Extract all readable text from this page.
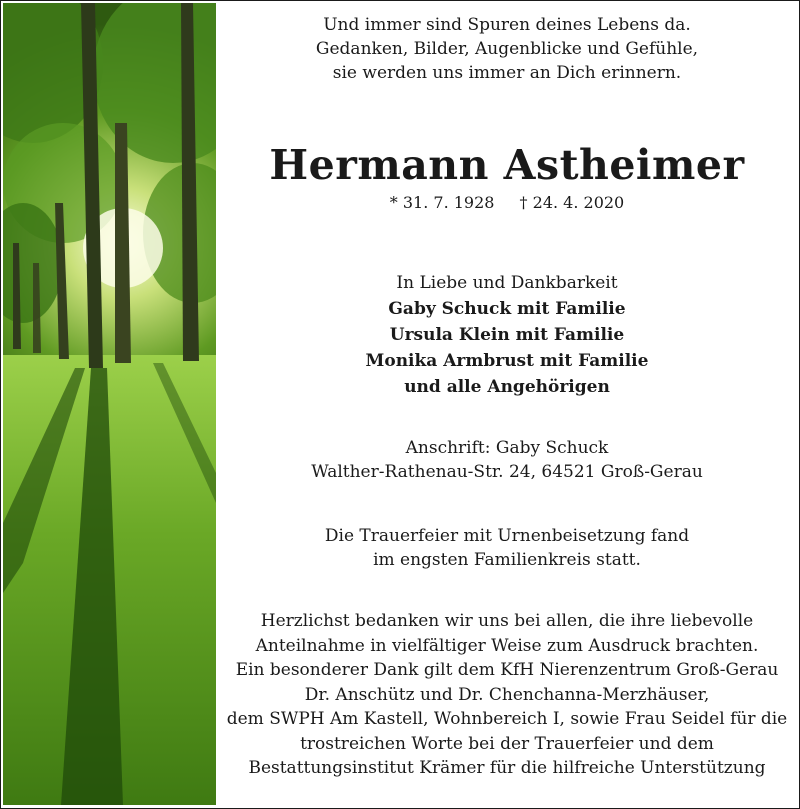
Und immer sind Spuren deines Lebens da.
Gedanken, Bilder, Augenblicke und Gefühle,
sie werden uns immer an Dich erinnern.
Hermann Astheimer
* 31. 7. 1928 † 24. 4. 2020
In Liebe und Dankbarkeit
Gaby Schuck mit Familie
Ursula Klein mit Familie
Monika Armbrust mit Familie
und alle Angehörigen
Anschrift: Gaby Schuck
Walther-Rathenau-Str. 24, 64521 Groß-Gerau
Die Trauerfeier mit Urnenbeisetzung fand
im engsten Familienkreis statt.
Herzlichst bedanken wir uns bei allen, die ihre liebevolle
Anteilnahme in vielfältiger Weise zum Ausdruck brachten.
Ein besonderer Dank gilt dem KfH Nierenzentrum Groß-Gerau
Dr. Anschütz und Dr. Chenchanna-Merzhäuser,
dem SWPH Am Kastell, Wohnbereich I, sowie Frau Seidel für die
trostreichen Worte bei der Trauerfeier und dem
Bestattungsinstitut Krämer für die hilfreiche Unterstützung
